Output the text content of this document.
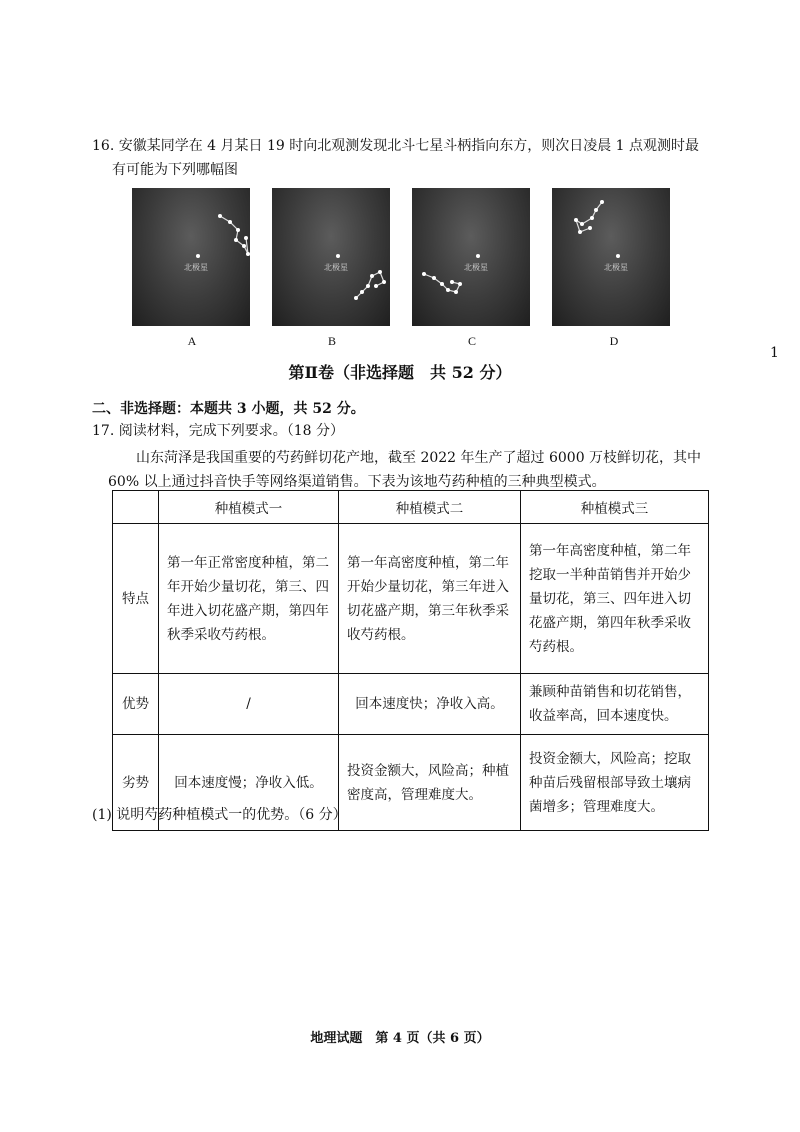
16. 安徽某同学在 4 月某日 19 时向北观测发现北斗七星斗柄指向东方，则次日凌晨 1 点观测时最
有可能为下列哪幅图
北极星
A
北极星
B
北极星
C
北极星
D
1
第Ⅱ卷（非选择题　共 52 分）
二、非选择题：本题共 3 小题，共 52 分。
17. 阅读材料，完成下列要求。（18 分）
山东菏泽是我国重要的芍药鲜切花产地，截至 2022 年生产了超过 6000 万枝鲜切花，其中 60% 以上通过抖音快手等网络渠道销售。下表为该地芍药种植的三种典型模式。
	种植模式一	种植模式二	种植模式三
特点	第一年正常密度种植，第二年开始少量切花，第三、四年进入切花盛产期，第四年秋季采收芍药根。	第一年高密度种植，第二年开始少量切花，第三年进入切花盛产期，第三年秋季采收芍药根。	第一年高密度种植，第二年挖取一半种苗销售并开始少量切花，第三、四年进入切花盛产期，第四年秋季采收芍药根。
优势	/	回本速度快；净收入高。	兼顾种苗销售和切花销售，收益率高，回本速度快。
劣势	回本速度慢；净收入低。	投资金额大，风险高；种植密度高，管理难度大。	投资金额大，风险高；挖取种苗后残留根部导致土壤病菌增多；管理难度大。
(1) 说明芍药种植模式一的优势。（6 分）
地理试题　第 4 页（共 6 页）
